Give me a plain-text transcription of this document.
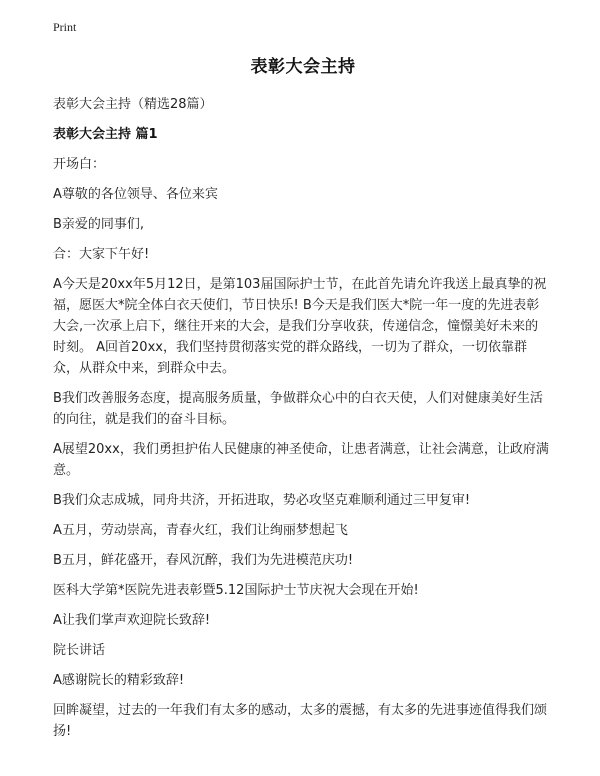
Print
表彰大会主持
表彰大会主持（精选28篇）
表彰大会主持 篇1

开场白：

A尊敬的各位领导、各位来宾

B亲爱的同事们,

合：大家下午好!

A今天是20xx年5月12日，是第103届国际护士节，在此首先请允许我送上最真挚的祝福，愿医大*院全体白衣天使们，节日快乐! B今天是我们医大*院一年一度的先进表彰大会,一次承上启下，继往开来的大会，是我们分享收获，传递信念，憧憬美好未来的时刻。 A回首20xx，我们坚持贯彻落实党的群众路线，一切为了群众，一切依靠群众，从群众中来，到群众中去。

B我们改善服务态度，提高服务质量，争做群众心中的白衣天使，人们对健康美好生活的向往，就是我们的奋斗目标。

A展望20xx，我们勇担护佑人民健康的神圣使命，让患者满意，让社会满意，让政府满意。

B我们众志成城，同舟共济，开拓进取，势必攻坚克难顺利通过三甲复审!

A五月，劳动崇高，青春火红，我们让绚丽梦想起飞

B五月，鲜花盛开，春风沉醉，我们为先进模范庆功!

医科大学第*医院先进表彰暨5.12国际护士节庆祝大会现在开始!

A让我们掌声欢迎院长致辞!

院长讲话

A感谢院长的精彩致辞!

回眸凝望，过去的一年我们有太多的感动，太多的震撼，有太多的先进事迹值得我们颂扬!
